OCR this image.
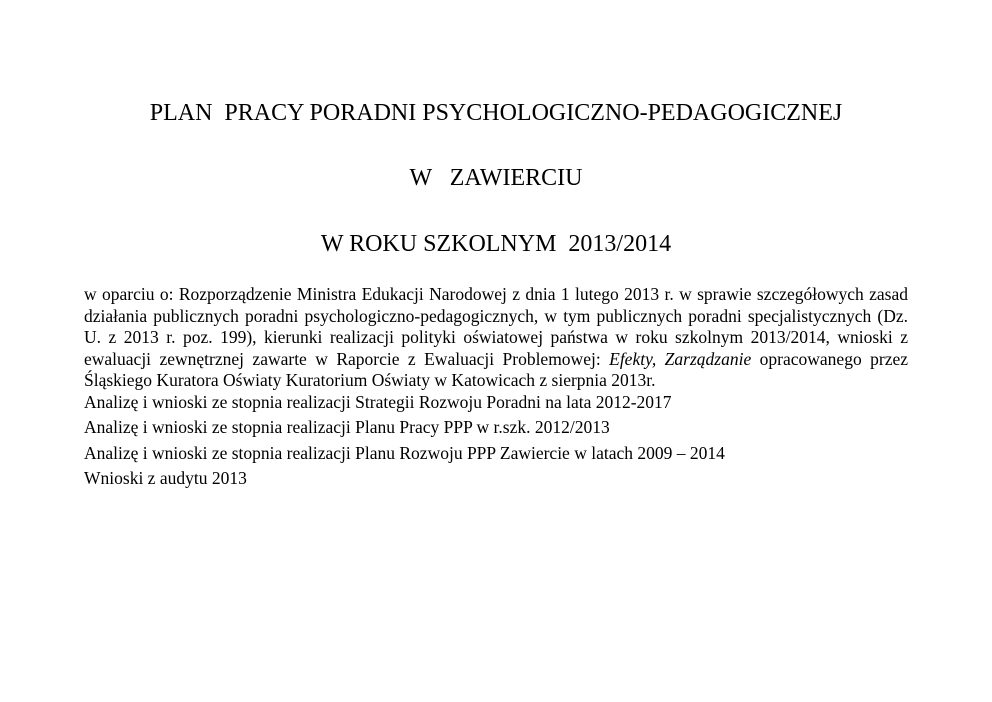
PLAN  PRACY PORADNI PSYCHOLOGICZNO-PEDAGOGICZNEJ
W   ZAWIERCIU
W ROKU SZKOLNYM  2013/2014

w oparciu o: Rozporządzenie Ministra Edukacji Narodowej z dnia 1 lutego 2013 r. w sprawie szczegółowych zasad działania publicznych poradni psychologiczno-pedagogicznych, w tym publicznych poradni specjalistycznych (Dz. U. z 2013 r. poz. 199), kierunki realizacji polityki oświatowej państwa w roku szkolnym 2013/2014, wnioski z ewaluacji zewnętrznej zawarte w Raporcie z Ewaluacji Problemowej: Efekty, Zarządzanie opracowanego przez Śląskiego Kuratora Oświaty Kuratorium Oświaty w Katowicach z sierpnia 2013r.

Analizę i wnioski ze stopnia realizacji Strategii Rozwoju Poradni na lata 2012-2017

Analizę i wnioski ze stopnia realizacji Planu Pracy PPP w r.szk. 2012/2013

Analizę i wnioski ze stopnia realizacji Planu Rozwoju PPP Zawiercie w latach 2009 – 2014

Wnioski z audytu 2013
